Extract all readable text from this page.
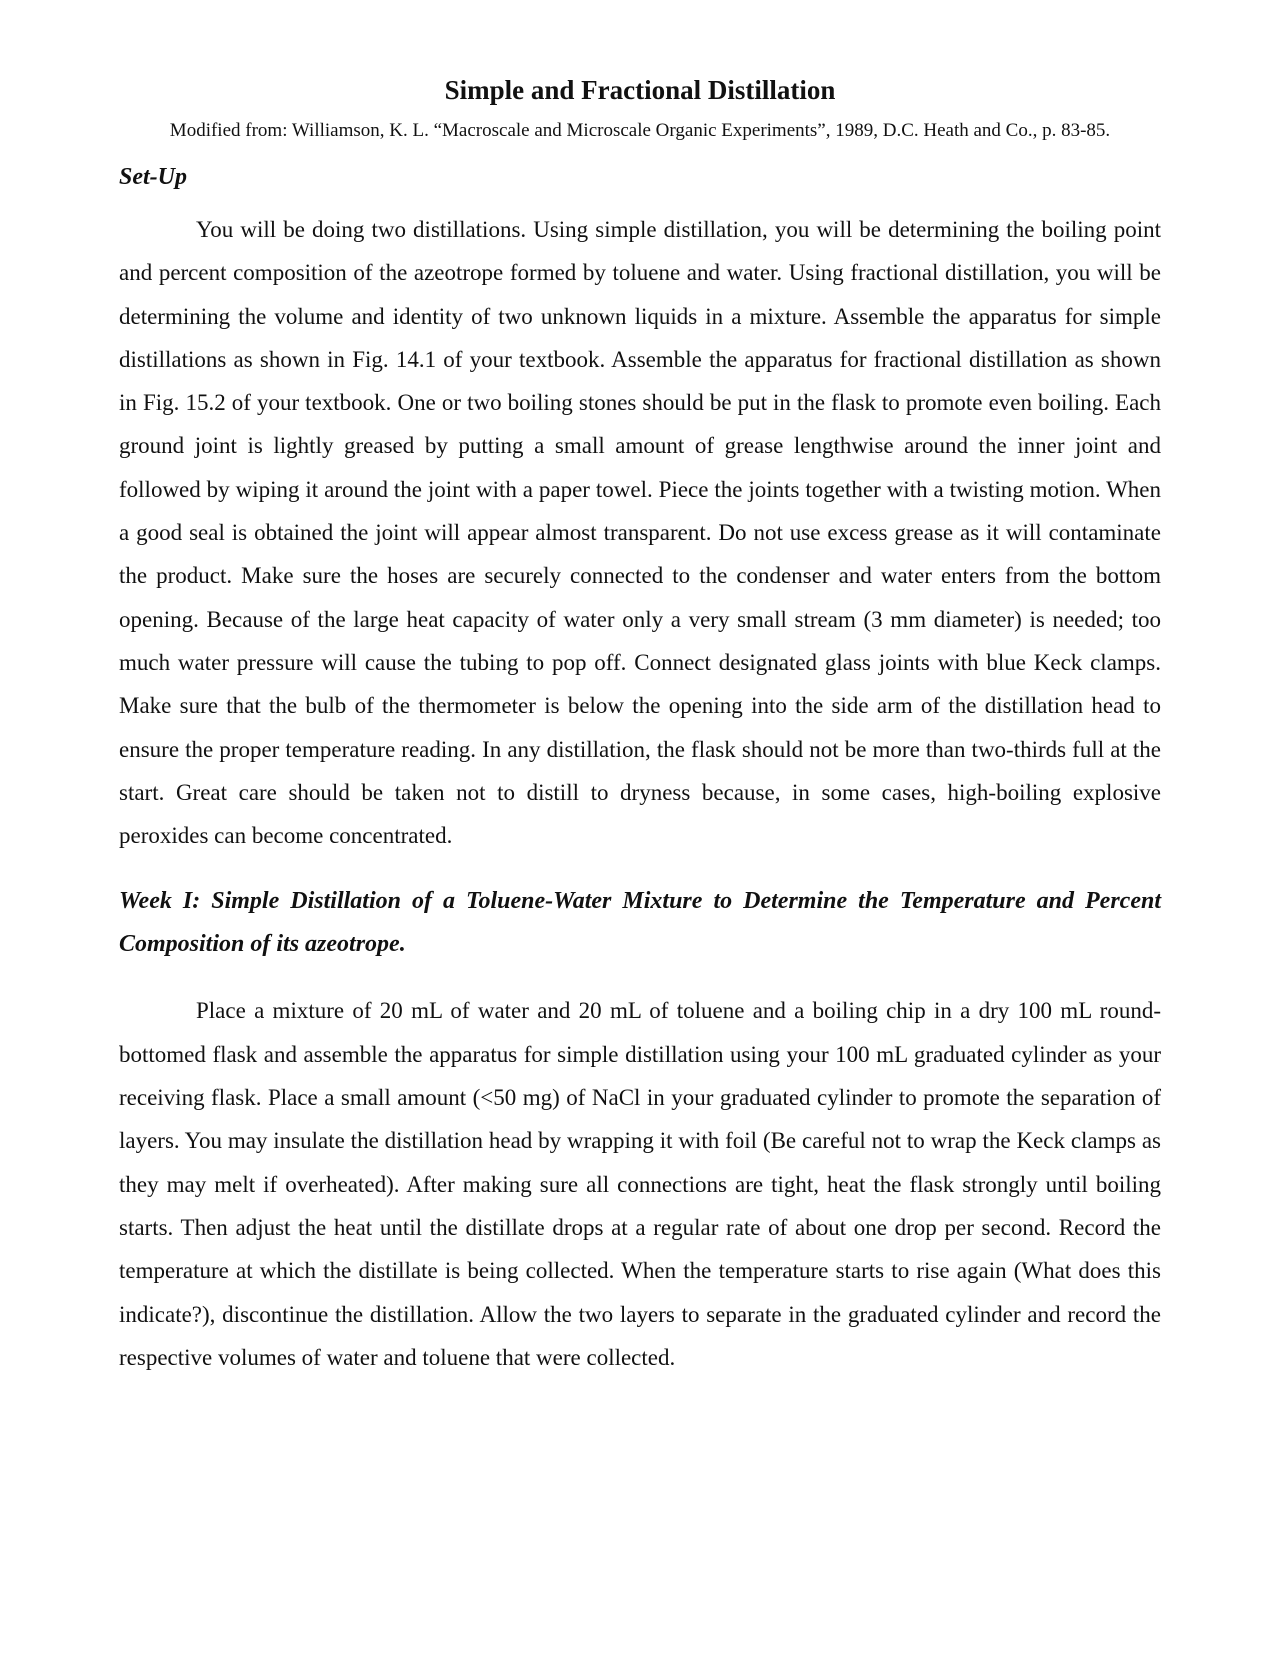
Simple and Fractional Distillation

Modified from: Williamson, K. L. “Macroscale and Microscale Organic Experiments”, 1989, D.C. Heath and Co., p. 83-85.

Set-Up

You will be doing two distillations. Using simple distillation, you will be determining the boiling point and percent composition of the azeotrope formed by toluene and water. Using fractional distillation, you will be determining the volume and identity of two unknown liquids in a mixture. Assemble the apparatus for simple distillations as shown in Fig. 14.1 of your textbook. Assemble the apparatus for fractional distillation as shown in Fig. 15.2 of your textbook. One or two boiling stones should be put in the flask to promote even boiling. Each ground joint is lightly greased by putting a small amount of grease lengthwise around the inner joint and followed by wiping it around the joint with a paper towel. Piece the joints together with a twisting motion. When a good seal is obtained the joint will appear almost transparent. Do not use excess grease as it will contaminate the product. Make sure the hoses are securely connected to the condenser and water enters from the bottom opening. Because of the large heat capacity of water only a very small stream (3 mm diameter) is needed; too much water pressure will cause the tubing to pop off. Connect designated glass joints with blue Keck clamps. Make sure that the bulb of the thermometer is below the opening into the side arm of the distillation head to ensure the proper temperature reading. In any distillation, the flask should not be more than two-thirds full at the start. Great care should be taken not to distill to dryness because, in some cases, high-boiling explosive peroxides can become concentrated.

Week I: Simple Distillation of a Toluene-Water Mixture to Determine the Temperature and Percent Composition of its azeotrope.

Place a mixture of 20 mL of water and 20 mL of toluene and a boiling chip in a dry 100 mL round-bottomed flask and assemble the apparatus for simple distillation using your 100 mL graduated cylinder as your receiving flask. Place a small amount (<50 mg) of NaCl in your graduated cylinder to promote the separation of layers. You may insulate the distillation head by wrapping it with foil (Be careful not to wrap the Keck clamps as they may melt if overheated). After making sure all connections are tight, heat the flask strongly until boiling starts. Then adjust the heat until the distillate drops at a regular rate of about one drop per second. Record the temperature at which the distillate is being collected. When the temperature starts to rise again (What does this indicate?), discontinue the distillation. Allow the two layers to separate in the graduated cylinder and record the respective volumes of water and toluene that were collected.
